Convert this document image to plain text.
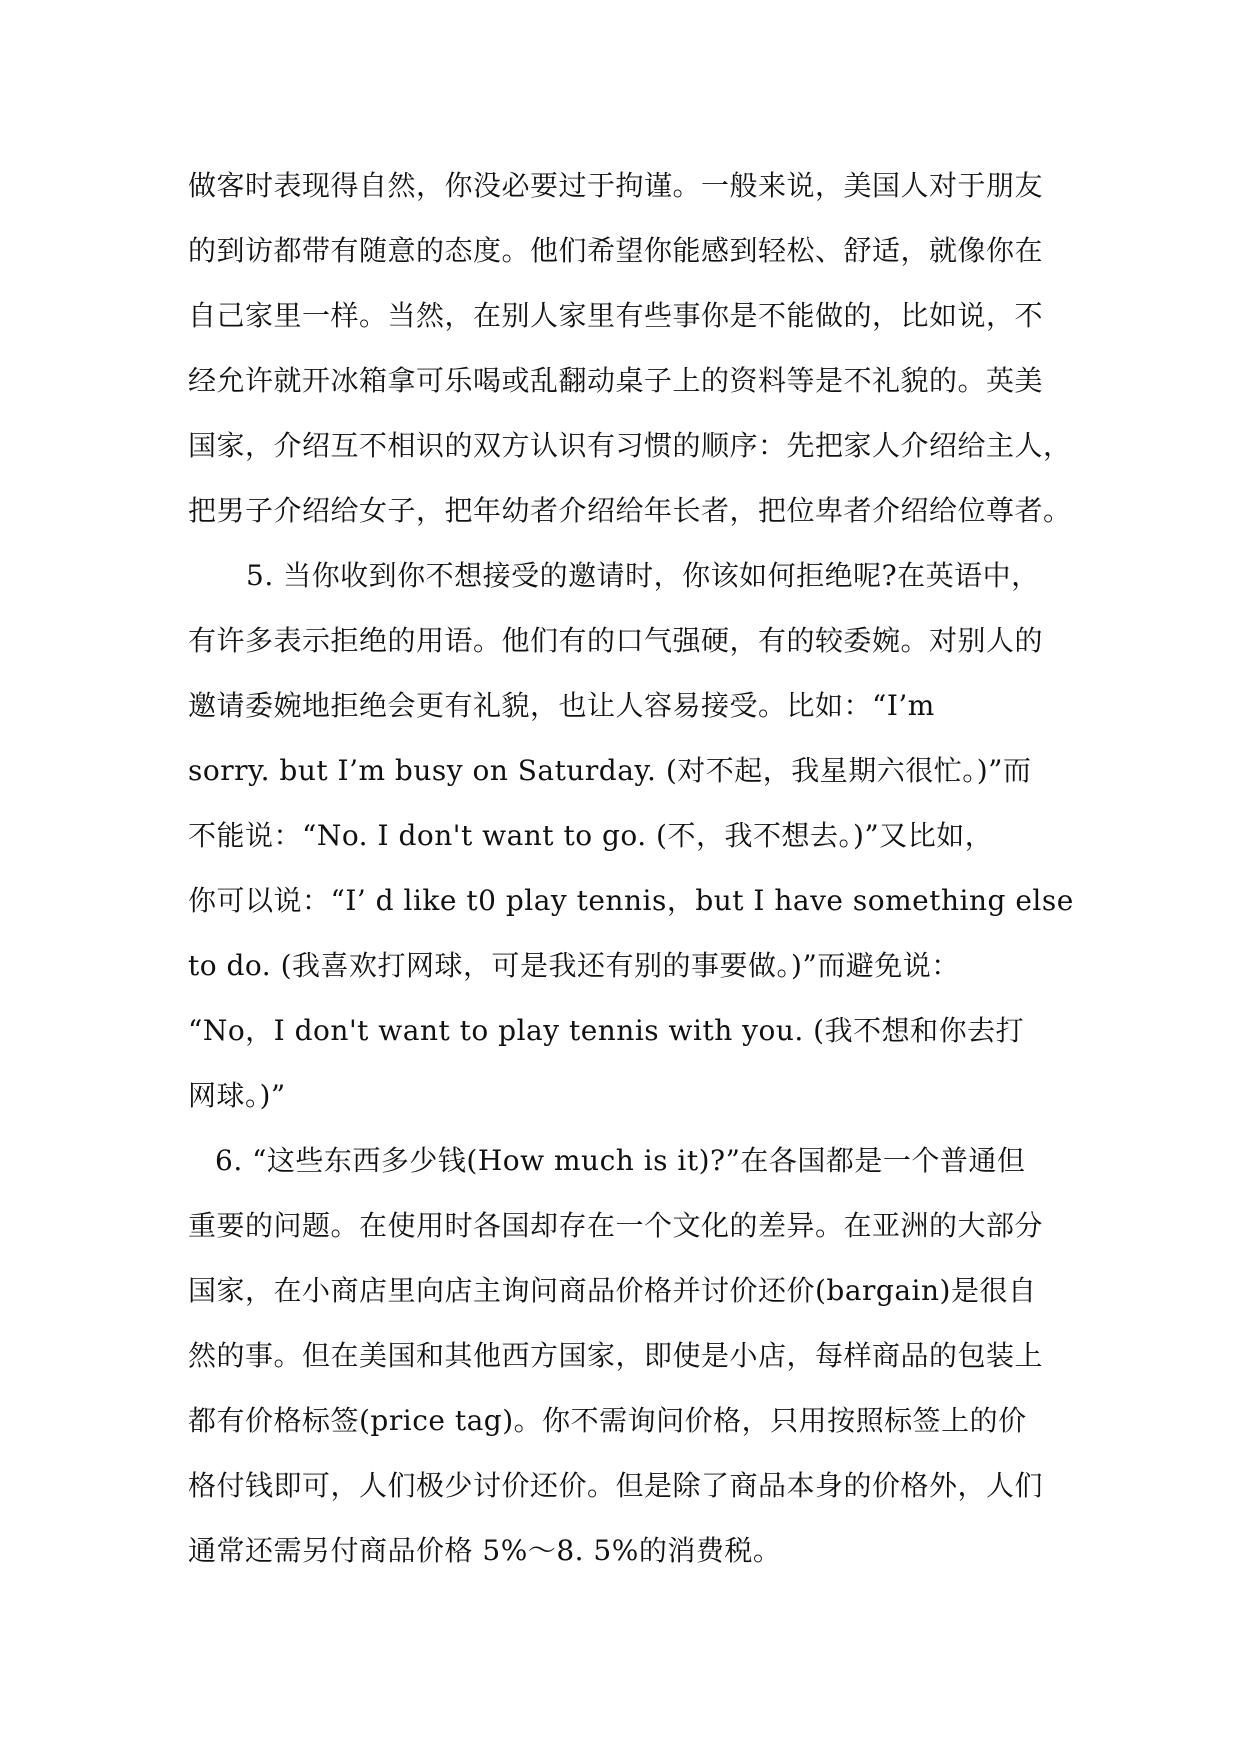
做客时表现得自然，你没必要过于拘谨。一般来说，美国人对于朋友
的到访都带有随意的态度。他们希望你能感到轻松、舒适，就像你在
自己家里一样。当然，在别人家里有些事你是不能做的，比如说，不
经允许就开冰箱拿可乐喝或乱翻动桌子上的资料等是不礼貌的。英美
国家，介绍互不相识的双方认识有习惯的顺序：先把家人介绍给主人，
把男子介绍给女子，把年幼者介绍给年长者，把位卑者介绍给位尊者。
5. 当你收到你不想接受的邀请时，你该如何拒绝呢?在英语中，
有许多表示拒绝的用语。他们有的口气强硬，有的较委婉。对别人的
邀请委婉地拒绝会更有礼貌，也让人容易接受。比如：“I’m
sorry. but I’m busy on Saturday. (对不起，我星期六很忙。)”而
不能说：“No. I don't want to go. (不，我不想去。)”又比如，
你可以说：“I’ d like t0 play tennis，but I have something else
to do. (我喜欢打网球，可是我还有别的事要做。)”而避免说：
“No，I don't want to play tennis with you. (我不想和你去打
网球。)”
6. “这些东西多少钱(How much is it)?”在各国都是一个普通但
重要的问题。在使用时各国却存在一个文化的差异。在亚洲的大部分
国家，在小商店里向店主询问商品价格并讨价还价(bargain)是很自
然的事。但在美国和其他西方国家，即使是小店，每样商品的包装上
都有价格标签(price tag)。你不需询问价格，只用按照标签上的价
格付钱即可，人们极少讨价还价。但是除了商品本身的价格外，人们
通常还需另付商品价格 5%～8. 5%的消费税。
